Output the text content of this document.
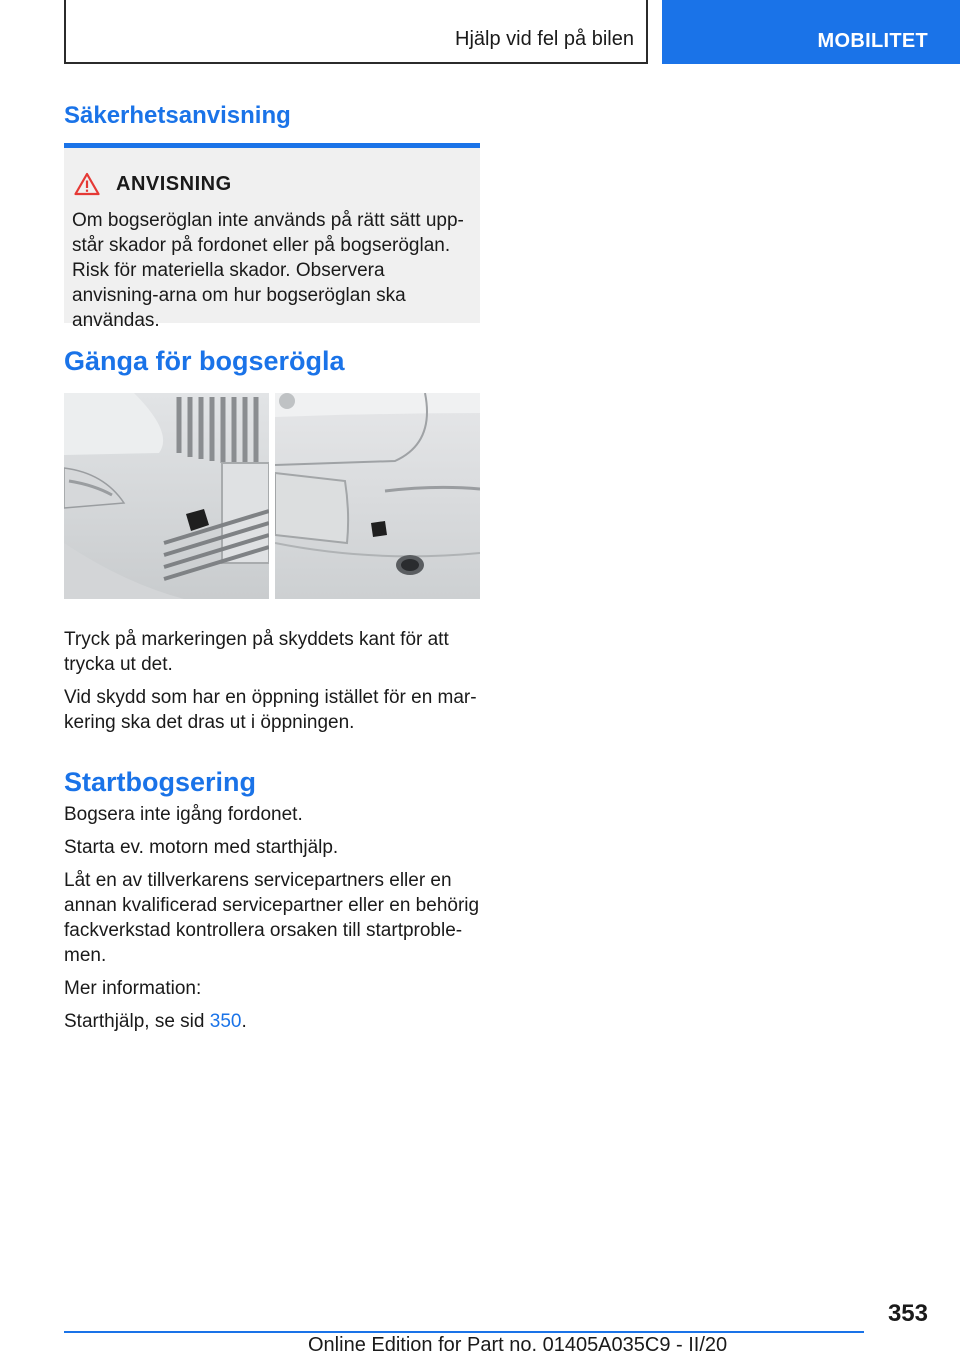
Hjälp vid fel på bilen	MOBILITET
Säkerhetsanvisning
ANVISNING
Om bogseröglan inte används på rätt sätt upp-står skador på fordonet eller på bogseröglan. Risk för materiella skador. Observera anvisning-arna om hur bogseröglan ska användas.
Gänga för bogserögla

Tryck på markeringen på skyddets kant för att trycka ut det.

Vid skydd som har en öppning istället för en mar-kering ska det dras ut i öppningen.

Startbogsering

Bogsera inte igång fordonet.

Starta ev. motorn med starthjälp.

Låt en av tillverkarens servicepartners eller en annan kvalificerad servicepartner eller en behörig fackverkstad kontrollera orsaken till startproble-men.

Mer information:

Starthjälp, se sid 350.

353
Online Edition for Part no. 01405A035C9 - II/20
